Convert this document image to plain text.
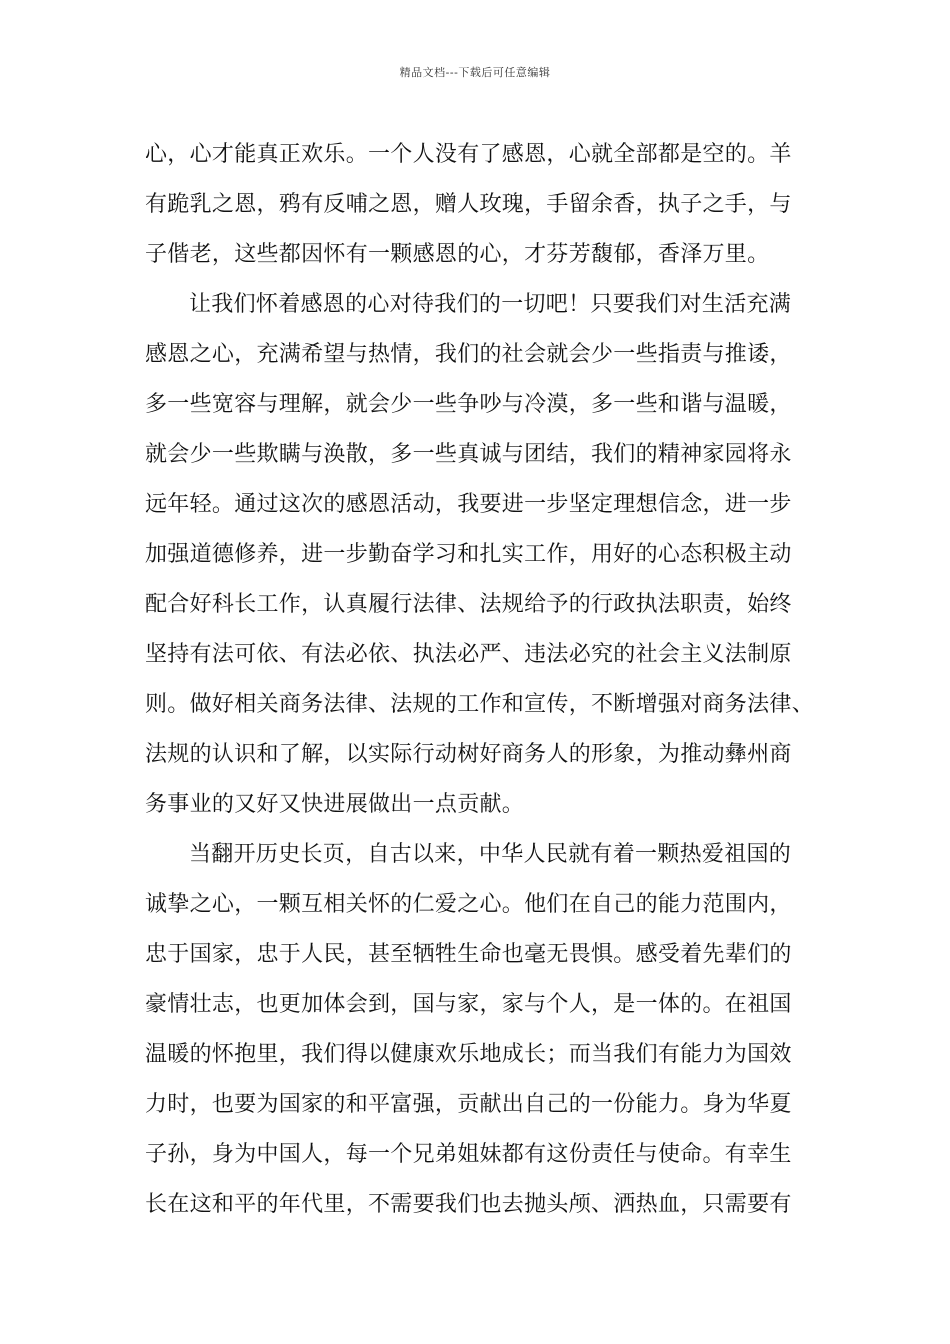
精品文档---下载后可任意编辑
心，心才能真正欢乐。一个人没有了感恩，心就全部都是空的。羊
有跪乳之恩，鸦有反哺之恩，赠人玫瑰，手留余香，执子之手，与
子偕老，这些都因怀有一颗感恩的心，才芬芳馥郁，香泽万里。
让我们怀着感恩的心对待我们的一切吧！只要我们对生活充满
感恩之心，充满希望与热情，我们的社会就会少一些指责与推诿，
多一些宽容与理解，就会少一些争吵与冷漠，多一些和谐与温暖，
就会少一些欺瞒与涣散，多一些真诚与团结，我们的精神家园将永
远年轻。通过这次的感恩活动，我要进一步坚定理想信念，进一步
加强道德修养，进一步勤奋学习和扎实工作，用好的心态积极主动
配合好科长工作，认真履行法律、法规给予的行政执法职责，始终
坚持有法可依、有法必依、执法必严、违法必究的社会主义法制原
则。做好相关商务法律、法规的工作和宣传，不断增强对商务法律、
法规的认识和了解，以实际行动树好商务人的形象，为推动彝州商
务事业的又好又快进展做出一点贡献。
当翻开历史长页，自古以来，中华人民就有着一颗热爱祖国的
诚挚之心，一颗互相关怀的仁爱之心。他们在自己的能力范围内，
忠于国家，忠于人民，甚至牺牲生命也毫无畏惧。感受着先辈们的
豪情壮志，也更加体会到，国与家，家与个人，是一体的。在祖国
温暖的怀抱里，我们得以健康欢乐地成长；而当我们有能力为国效
力时，也要为国家的和平富强，贡献出自己的一份能力。身为华夏
子孙，身为中国人，每一个兄弟姐妹都有这份责任与使命。有幸生
长在这和平的年代里，不需要我们也去抛头颅、洒热血，只需要有
